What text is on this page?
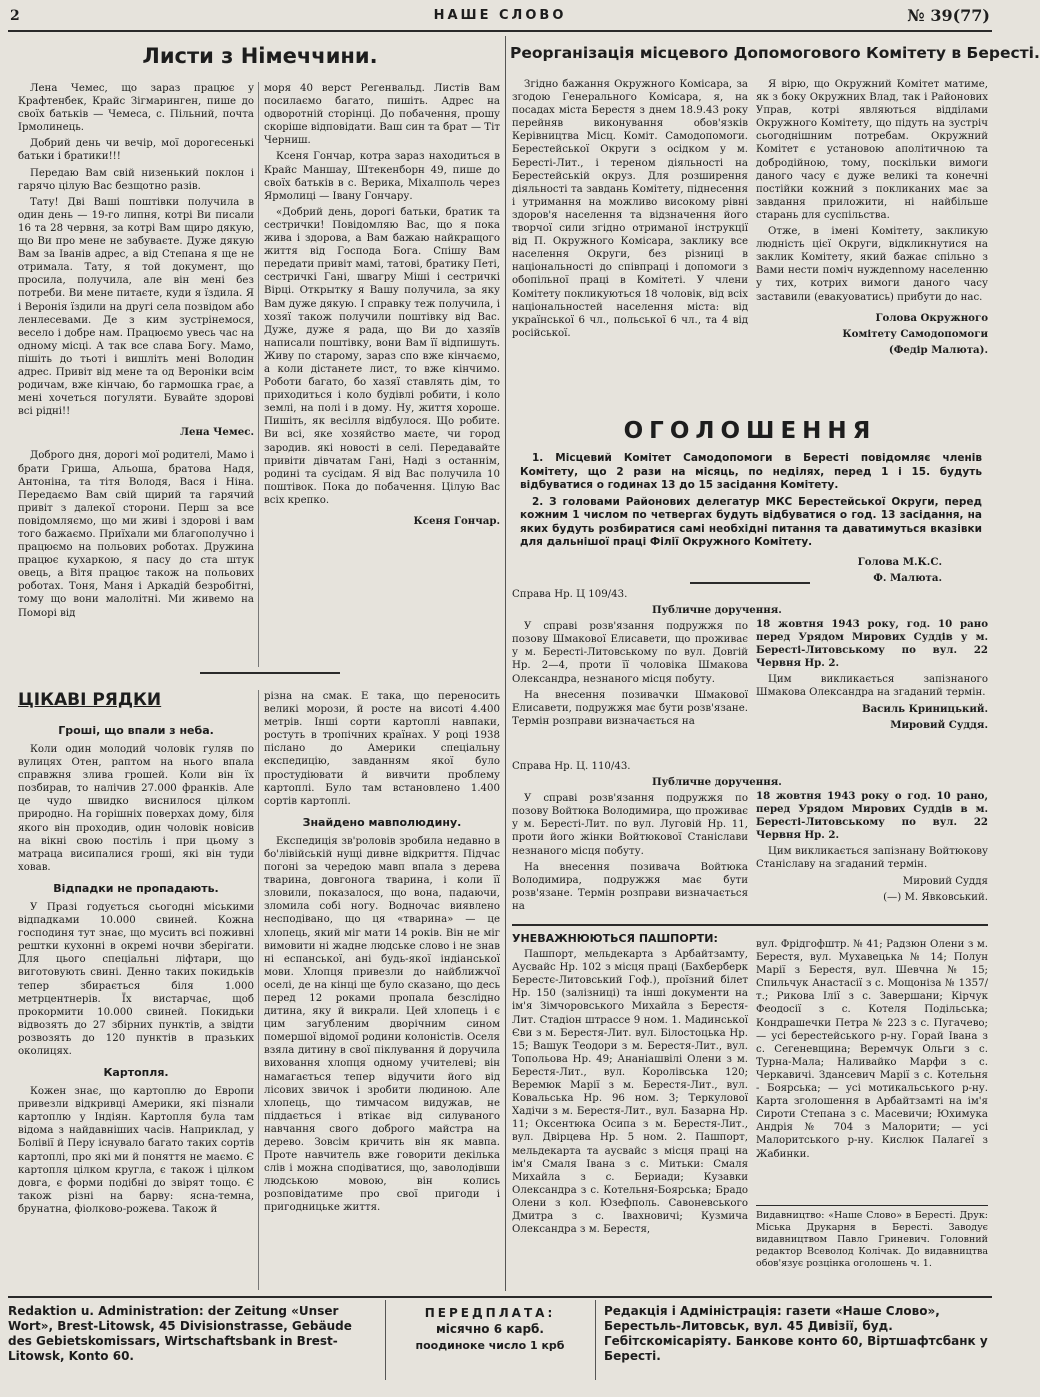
2	НАШЕ СЛОВО	№ 39(77)
Листи з Німеччини.

Лена Чемес, що зараз працює у Крафтенбек, Крайс Зігмаринген, пише до своїх батьків — Чемеса, с. Пільний, почта Ірмолинець.

Добрий день чи вечір, мої дорогесенькі батьки і братики!!!

Передаю Вам свій низенький поклон і гарячо цілую Вас безщотно разів.

Тату! Дві Ваші поштівки получила в один день — 19-го липня, котрі Ви писали 16 та 28 червня, за котрі Вам щиро дякую, що Ви про мене не забуваєте. Дуже дякую Вам за Іванів адрес, а від Степана я ще не отримала. Тату, я той документ, що просила, получила, але він мені без потреби. Ви мене питаєте, куди я їздила. Я і Веронія їздили на другі села позвідом або ленлесевами. Де з ким зустрінемося, весело і добре нам. Працюємо увесь час на одному місці. А так все слава Богу. Мамо, пішіть до тьоті і вишліть мені Володин адрес. Привіт від мене та од Вероніки всім родичам, вже кінчаю, бо гармошка грає, а мені хочеться погуляти. Бувайте здорові всі рідні!!

Лена Чемес.

Доброго дня, дорогі мої родителі, Мамо і брати Гриша, Альоша, братова Надя, Антоніна, та тітя Володя, Вася і Ніна. Передаємо Вам свій щирий та гарячий привіт з далекої сторони. Перш за все повідомляємо, що ми живі і здорові і вам того бажаємо. Приїхали ми благополучно і працюємо на польових роботах. Дружина працює кухаркою, я пасу до ста штук овець, а Вітя працює також на польових роботах. Тоня, Маня і Аркадій безробітні, тому що вони малолітні. Ми живемо на Поморі від

моря 40 верст Регенвальд. Листів Вам посилаємо багато, пишіть. Адрес на одворотній сторінці. До побачення, прошу скоріше відповідати. Ваш син та брат — Тіт Черниш.

Ксеня Гончар, котра зараз находиться в Крайс Маншау, Штекенборн 49, пише до своїх батьків в с. Верика, Міхалполь через Ярмолиці — Івану Гончару.

«Добрий день, дорогі батьки, братик та сестрички! Повідомляю Вас, що я пока жива і здорова, а Вам бажаю найкращого життя від Господа Бога. Спішу Вам передати привіт мамі, татові, братику Петі, сестричкі Гані, швагру Міші і сестричкі Вірці. Открытку я Вашу получила, за яку Вам дуже дякую. І справку теж получила, і хозяї також получили поштівку від Вас. Дуже, дуже я рада, що Ви до хазяїв написали поштівку, вони Вам її відпишуть. Живу по старому, зараз спо вже кінчаємо, а коли дістанете лист, то вже кінчимо. Роботи багато, бо хазяї ставлять дім, то приходиться і коло будівлі робити, і коло землі, на полі і в дому. Ну, життя хороше. Пишіть, як весілля відбулося. Що робите. Ви всі, яке хозяйство маєте, чи город зародив. які новості в селі. Передавайте привіти дівчатам Гані, Наді з останнім, родині та сусідам. Я від Вас получила 10 поштівок. Пока до побачення. Цілую Вас всіх крепко.

Ксеня Гончар.

ЦІКАВІ РЯДКИ
Гроші, що впали з неба.

Коли один молодий чоловік гуляв по вулицях Отен, рaптом на нього впала справжня злива грошей. Коли він їх позбирав, то налічив 27.000 франків. Але це чудо швидко виснилося цілком природно. На горішніх поверхах дому, біля якого він проходив, один чоловік новісив на вікні свою постіль і при цьому з матраца висипалися гроші, які він туди ховав.

Відпадки не пропадають.

У Празі годується сьогодні міськими відпадками 10.000 свиней. Кожна господиня тут знає, що мусить всі поживні рештки кухонні в окремі ночви зберігати. Для цього спеціальні ліфтари, що виготовують свині. Денно таких покидьків тепер збирається біля 1.000 метрцентнерів. Їх вистарчає, щоб прокормити 10.000 свиней. Покидьки відвозять до 27 збірних пунктів, а звідти розвозять до 120 пунктів в празьких околицях.

Картопля.

Кожен знає, що картоплю до Европи привезли відкривці Америки, які пізнали картоплю у Індіян. Картопля була там відома з найдавніших часів. Наприклад, у Болівії й Перу існувало багато таких сортів картоплі, про які ми й поняття не маємо. Є картопля цілком кругла, є також і цілком довга, є форми подібні до звірят тощо. Є також різні на барву: ясна-темна, брунатна, фіолково-рожева. Також й

різна на смак. Е така, що переносить великі морози, й росте на висоті 4.400 метрів. Інші сорти картоплі навпаки, ростуть в тропічних країнах. У році 1938 післано до Америки спеціальну експедицію, завданням якої було простудіювати й вивчити проблему картоплі. Було там встановлено 1.400 сортів картоплі.

Знайдено мавполюдину.

Експедиція зв'роловів зробила недавно в бо'лівійській нущі дивне відкриття. Підчас погоні за чередою мавп впала з дерева тваринa, довгонога тварина, і коли її зловили, показалося, що вона, падаючи, зломила собі ногу. Водночас виявлено несподівано, що ця «тварина» — це хлопець, який міг мати 14 років. Він не міг вимовити ні жадне людське слово і не знав ні еспанської, ані будь-якої індіанської мови. Хлопця привезли до найближчої оселі, де на кінці ще було сказано, що десь перед 12 роками пропала безслідно дитина, яку й викрали. Цей хлопець і є цим загубленим дворічним сином помершої відомої родини колоністів. Оселя взяла дитину в свої піклування й доручила виховання хлопця одному учителеві; він намагається тепер відучити його від лісових звичок і зробити людиною. Але хлопець, що тимчасом видужав, не піддається і втікає від силуваного навчання свого доброго майстра на дерево. Зовсім кричить він як мавпа. Проте навчитель вже говорити декілька слів і можна сподіватися, що, заволодівши людською мовою, він колись розповідатиме про свої пригоди і пригодницьке життя.

Реорганізація місцевого Допомогового Комітету в Бересті.

Згідно бажання Окружного Комісара, за згодою Генерального Комісара, я, на посадах міста Берестя з днем 18.9.43 року перейняв виконування обов'язків Керівництва Місц. Коміт. Самодопомоги. Берестейської Округи з осідком у м. Бересті-Лит., і тереном діяльності на Берестейській окруз. Для розширення діяльності та завдань Комітету, піднесення і утримання на можливо високому рівні здоров'я населення та відзначення його творчої сили згідно отриманої інструкції від П. Окружного Комісара, заклику все населення Округи, без різниці в національності до співпраці і допомоги з обопільної праці в Комітеті. У члени Комітету покликуються 18 чоловік, від всіх національностей населення міста: від української 6 чл., польської 6 чл., та 4 від російської.

Я вірю, що Окружний Комітет матиме, як з боку Окружних Влад, так і Районових Управ, котрі являються відділами Окружного Комітету, що підуть на зустріч сьогоднішним потребам. Окружний Комітет є установою аполітичною та добродійною, тому, поскільки вимоги даного часу є дуже великі та конечні постійки кожний з покликаних має за завдання приложити, ні найбільше старань для суспільства.

Отже, в імені Комітету, закликую людність цієї Округи, відкликнутися на заклик Комітету, який бажає спільно з Вами нести поміч нуждennому населенню у тих, котрих вимоги даного часу заставили (евакуоватись) прибути до нас.

Голова Окружного

Комітету Самодопомоги

(Федір Малюта).

ОГОЛОШЕННЯ

1. Місцевий Комітет Самодопомоги в Бересті повідомляє членів Комітету, що 2 рази на місяць, по неділях, перед 1 і 15. будуть відбуватися о годинах 13 до 15 засідання Комітету.

2. З головами Районових делегатур МКС Берестейської Округи, перед кожним 1 числом по четвергах будуть відбуватися о год. 13 засідання, на яких будуть розбиратися самі необхідні питання та даватимуться вказівки для дальнішої праці Філії Окружного Комітету.

Голова М.К.С.

Ф. Малюта.

Справа Нр. Ц 109/43.

Публичне доручення.

У справі розв'язання подружжя по позову Шмакової Елисавети, що проживає у м. Бересті-Литовському по вул. Довгій Нр. 2—4, проти її чоловіка Шмакова Олександра, незнаного місця побуту.

На внесення позивачки Шмакової Елисавети, подружжя має бути розв'язане. Термін розправи визначається на

18 жовтня 1943 року, год. 10 рано перед Урядом Мирових Суддів у м. Бересті-Литовському по вул. 22 Червня Нр. 2.

Цим викликається запізнаного Шмакова Олександра на згаданий термін.

Василь Криницький.

Мировий Суддя.

Справа Нр. Ц. 110/43.

Публичне доручення.

У справі розв'язання подружжя по позову Войтюка Володимира, що проживає у м. Бересті-Лит. по вул. Луговій Нр. 11, проти його жінки Войтюкової Станіслави незнаного місця побуту.

На внесення позивача Войтюка Володимира, подружжя має бути розв'язане. Термін розправи визначається на

18 жовтня 1943 року о год. 10 рано, перед Урядом Мирових Суддів в м. Бересті-Литовському по вул. 22 Червня Нр. 2.

Цим викликається запізнану Войтюкову Станіславу на згаданий термін.

Мировий Суддя

(—) М. Явковський.

УНЕВАЖНЮЮТЬСЯ ПАШПОРТИ:

Пашпорт, мельдекарта з Арбайтзамту, Аусвайс Нр. 102 з місця праці (Бахберберк Берестє-Литовський Гоф.), проїзний білет Нр. 150 (залізниці) та інші документи на ім'я Зімчоровського Михайла з Берестя-Лит. Стадіон штрассе 9 ном. 1. Мадинської Єви з м. Берестя-Лит. вул. Білостоцька Нр. 15; Вашук Теодори з м. Берестя-Лит., вул. Топольова Нр. 49; Ананіашвілі Олени з м. Берестя-Лит., вул. Королівська 120; Веремюк Марії з м. Берестя-Лит., вул. Ковальська Нр. 96 ном. 3; Теркулової Хадічи з м. Берестя-Лит., вул. Базарна Нр. 11; Оксентюка Осипа з м. Берестя-Лит., вул. Двірцева Нр. 5 ном. 2. Пашпорт, мельдекарта та аусвайс з місця праці на ім'я Смаля Івана з с. Митьки: Смаля Михайла з с. Бериади; Кузавки Олександра з с. Котельня-Боярська; Брадо Олени з кол. Юзефполь. Савоневського Дмитра з с. Івахновичі; Кузмича Олександра з м. Берестя,

вул. Фрідгофштр. № 41; Радзюн Олени з м. Берестя, вул. Мухавецька № 14; Полун Марії з Берестя, вул. Шевчна № 15; Спильчук Анастасії з с. Мощоніза № 1357/т.; Рикова Ілії з с. Завершани; Кірчук Феодосії з с. Котеля Подільська; Кондрашечки Петра № 223 з с. Пугачево; — усі берестейського р-ну. Горай Івана з с. Сегеневщина; Веремчук Ольги з с. Турна-Мала; Наливайко Марфи з с. Черкавичі. Здансевич Марії з с. Котельня - Боярська; — усі мотикальського р-ну. Карта зголошення в Арбайтзамті на ім'я Сироти Степана з с. Масевичи; Юхимука Андрія № 704 з Малорити; — усі Малоритського р-ну. Кислюк Палагеї з Жабинки.

Видавництво: «Наше Слово» в Бересті. Друк: Міська Друкарня в Бересті. Заводує видавництвом Павло Гриневич. Головний редактор Всеволод Колічак. До видавництва обов'язує розцінка оголошень ч. 1.

Redaktion u. Administration: der Zeitung «Unser Wort», Brest-Litowsk, 45 Divisionstrasse, Gebäude des Gebietskomissars, Wirtschaftsbank in Brest-Litowsk, Konto 60.
ПЕРЕДПЛАТА:
місячно 6 карб.
поодиноке число 1 крб
Редакція і Адміністрація: газети «Наше Слово», Берестьль-Литовськ, вул. 45 Дивізії, буд. Гебітскомісаріяту. Банкове конто 60, Віртшафтсбанк у Бересті.
